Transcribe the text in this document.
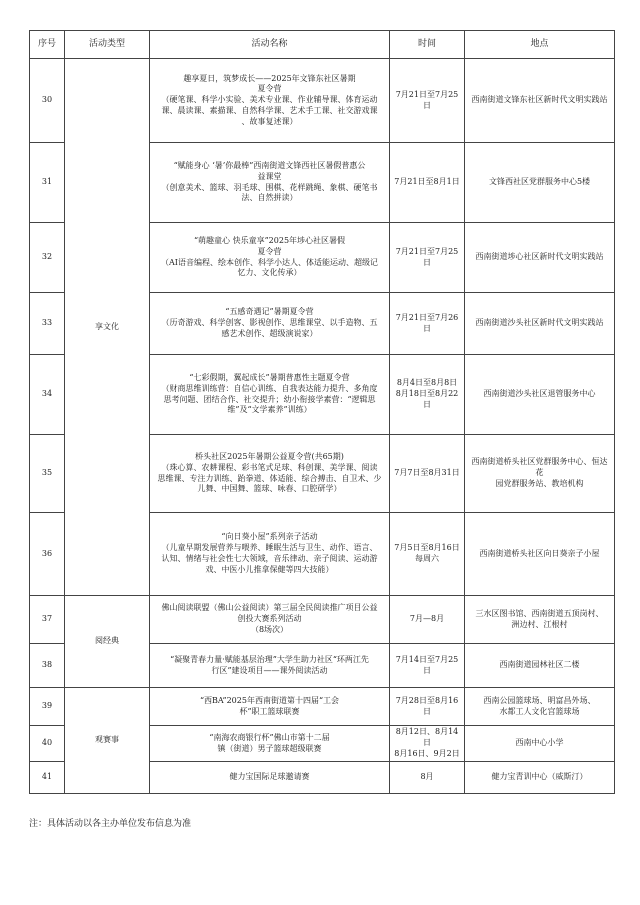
序号	活动类型	活动名称	时间	地点
30	享文化	趣享夏日，筑梦成长——2025年文锋东社区暑期
夏令营
（硬笔课、科学小实验、美术专业课、作业辅导课、体育运动
课、晨读课、素描课、自然科学课、艺术手工课、社交游戏课
、故事复述课）	7月21日至7月25日	西南街道文锋东社区新时代文明实践站

31		“赋能身心 ‘暑’你最棒”西南街道文锋西社区暑假普惠公
益课堂
（创意美术、篮球、羽毛球、围棋、花样跳绳、象棋、硬笔书
法、自然拼读）	7月21日至8月1日	文锋西社区党群服务中心5楼

32		“萌趣童心 快乐童享”2025年埗心社区暑假
夏令营
（AI语音编程、绘本创作、科学小达人、体适能运动、超级记
忆力、文化传承）	7月21日至7月25日	西南街道埗心社区新时代文明实践站

33		“五感奇遇记”暑期夏令营
（历奇游戏、科学创客、影视创作、思维课堂、以手造物、五
感艺术创作、超级演说家）	7月21日至7月26日	西南街道沙头社区新时代文明实践站

34		“七彩假期，翼起成长”暑期普惠性主题夏令营
（财商思维训练营：自信心训练、自我表达能力提升、多角度
思考问题、团结合作、社交提升；幼小衔接学素营：“逻辑思
维”及“文学素养”训练）	8月4日至8月8日
8月18日至8月22日	西南街道沙头社区退管服务中心

35		桥头社区2025年暑期公益夏令营(共65期)
（珠心算、农耕课程、彩书笔式足球、科创课、美学课、阅读
思维课、专注力训练、跆拳道、体适能、综合搏击、自卫术、少
儿舞、中国舞、篮球、咏春、口腔研学）	7月7日至8月31日	西南街道桥头社区党群服务中心、恒达花
园党群服务站、教培机构

36		“向日葵小屋”系列亲子活动
（儿童早期发展营养与喂养、睡眠生活与卫生、动作、语言、
认知、情绪与社会性七大领域，音乐律动、亲子阅读、运动游
戏、中医小儿推拿保健等四大技能）	7月5日至8月16日
每周六	西南街道桥头社区向日葵亲子小屋

37	阅经典	佛山阅读联盟（佛山公益阅读）第三届全民阅读推广项目公益
创投大赛系列活动
（8场次）	7月—8月	三水区图书馆、西南街道五顶岗村、
洲边村、江根村

38		“凝聚青春力量·赋能基层治理”大学生助力社区“环两江先
行区”建设项目——课外阅读活动	7月14日至7月25日	西南街道园林社区二楼

39	观赛事	“西BA”2025年西南街道第十四届“工会
杯”职工篮球联赛	7月28日至8月16日	西南公园篮球场、明富昌外场、
水都工人文化宫篮球场

40		“南海农商银行杯”佛山市第十二届
镇（街道）男子篮球超级联赛	8月12日、8月14日
8月16日、9月2日	西南中心小学

41		健力宝国际足球邀请赛	8月	健力宝青训中心（威斯汀）
注：具体活动以各主办单位发布信息为准
